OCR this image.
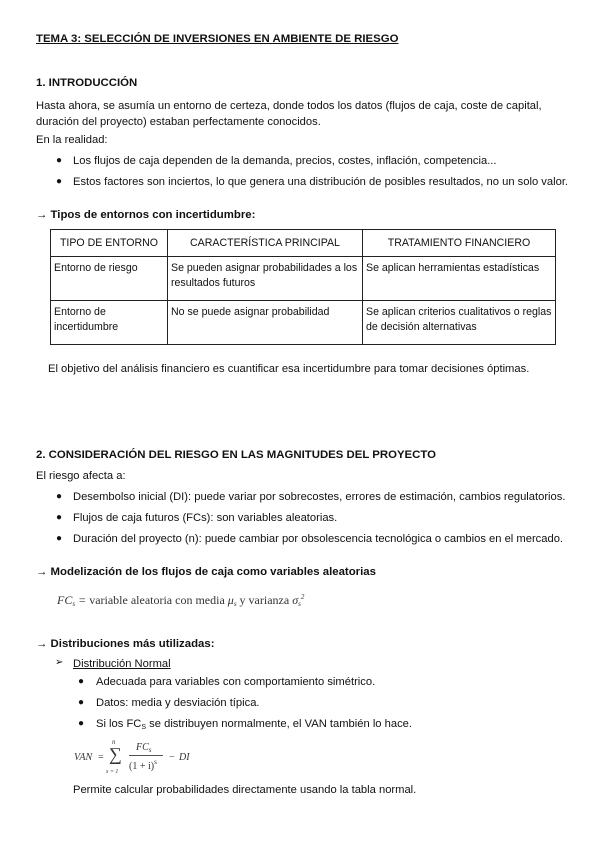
TEMA 3: SELECCIÓN DE INVERSIONES EN AMBIENTE DE RIESGO
1. INTRODUCCIÓN
Hasta ahora, se asumía un entorno de certeza, donde todos los datos (flujos de caja, coste de capital,
duración del proyecto) estaban perfectamente conocidos.
En la realidad:
● Los flujos de caja dependen de la demanda, precios, costes, inflación, competencia...
● Estos factores son inciertos, lo que genera una distribución de posibles resultados, no un solo valor.
→ Tipos de entornos con incertidumbre:
TIPO DE ENTORNO	CARACTERÍSTICA PRINCIPAL	TRATAMIENTO FINANCIERO
Entorno de riesgo	Se pueden asignar probabilidades a los resultados futuros	Se aplican herramientas estadísticas
Entorno de incertidumbre	No se puede asignar probabilidad	Se aplican criterios cualitativos o reglas de decisión alternativas
El objetivo del análisis financiero es cuantificar esa incertidumbre para tomar decisiones óptimas.
2. CONSIDERACIÓN DEL RIESGO EN LAS MAGNITUDES DEL PROYECTO
El riesgo afecta a:
● Desembolso inicial (DI): puede variar por sobrecostes, errores de estimación, cambios regulatorios.
● Flujos de caja futuros (FCs): son variables aleatorias.
● Duración del proyecto (n): puede cambiar por obsolescencia tecnológica o cambios en el mercado.
→ Modelización de los flujos de caja como variables aleatorias
$FC_s$ = variable aleatoria con media $\mu_s$ y varianza $\sigma_s^2$
→ Distribuciones más utilizadas:
➢ Distribución Normal
● Adecuada para variables con comportamiento simétrico.
● Datos: media y desviación típica.
● Si los $FC_S$ se distribuyen normalmente, el VAN también lo hace.
VAN =
n
∑
s = 1
$FC_s$
$(1 + i)^s$ − DI
Permite calcular probabilidades directamente usando la tabla normal.
